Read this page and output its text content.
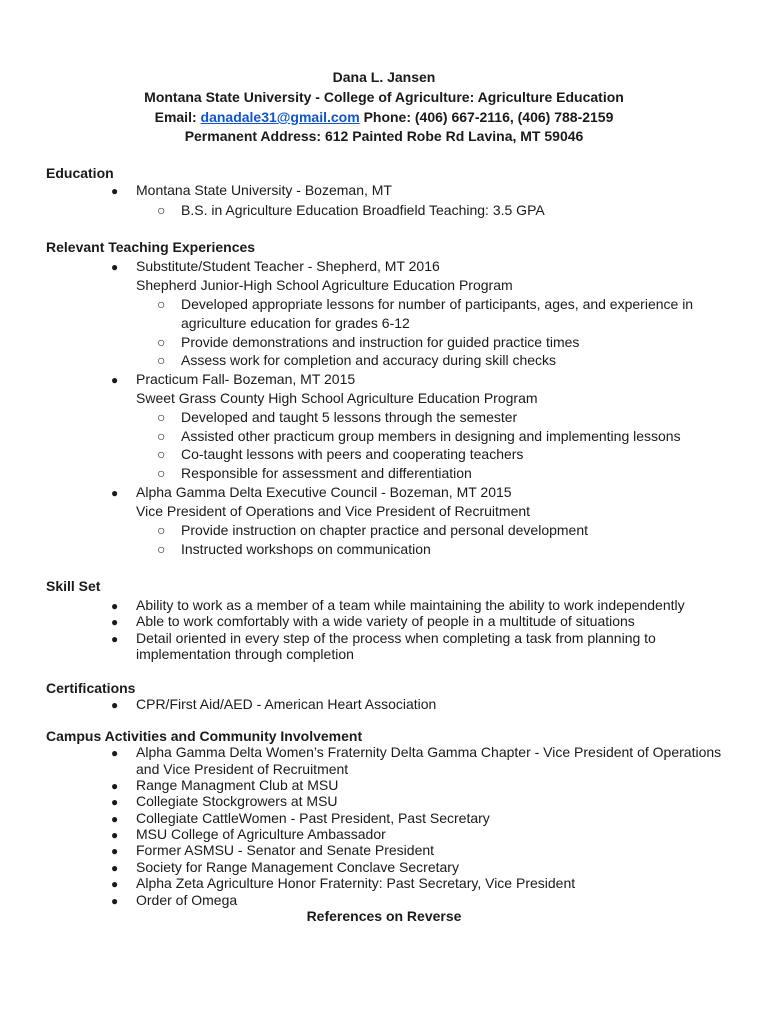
Dana L. Jansen
Montana State University - College of Agriculture: Agriculture Education
Email: danadale31@gmail.com Phone: (406) 667-2116, (406) 788-2159
Permanent Address: 612 Painted Robe Rd Lavina, MT 59046
Education
● Montana State University - Bozeman, MT
○ B.S. in Agriculture Education Broadfield Teaching: 3.5 GPA
Relevant Teaching Experiences
● Substitute/Student Teacher - Shepherd, MT 2016
Shepherd Junior-High School Agriculture Education Program
○ Developed appropriate lessons for number of participants, ages, and experience in
agriculture education for grades 6-12
○ Provide demonstrations and instruction for guided practice times
○ Assess work for completion and accuracy during skill checks
● Practicum Fall- Bozeman, MT 2015
Sweet Grass County High School Agriculture Education Program
○ Developed and taught 5 lessons through the semester
○ Assisted other practicum group members in designing and implementing lessons
○ Co-taught lessons with peers and cooperating teachers
○ Responsible for assessment and differentiation
● Alpha Gamma Delta Executive Council - Bozeman, MT 2015
Vice President of Operations and Vice President of Recruitment
○ Provide instruction on chapter practice and personal development
○ Instructed workshops on communication
Skill Set
● Ability to work as a member of a team while maintaining the ability to work independently
● Able to work comfortably with a wide variety of people in a multitude of situations
● Detail oriented in every step of the process when completing a task from planning to
implementation through completion
Certifications
● CPR/First Aid/AED - American Heart Association
Campus Activities and Community Involvement
● Alpha Gamma Delta Women’s Fraternity Delta Gamma Chapter - Vice President of Operations
and Vice President of Recruitment
● Range Managment Club at MSU
● Collegiate Stockgrowers at MSU
● Collegiate CattleWomen - Past President, Past Secretary
● MSU College of Agriculture Ambassador
● Former ASMSU - Senator and Senate President
● Society for Range Management Conclave Secretary
● Alpha Zeta Agriculture Honor Fraternity: Past Secretary, Vice President
● Order of Omega
References on Reverse
